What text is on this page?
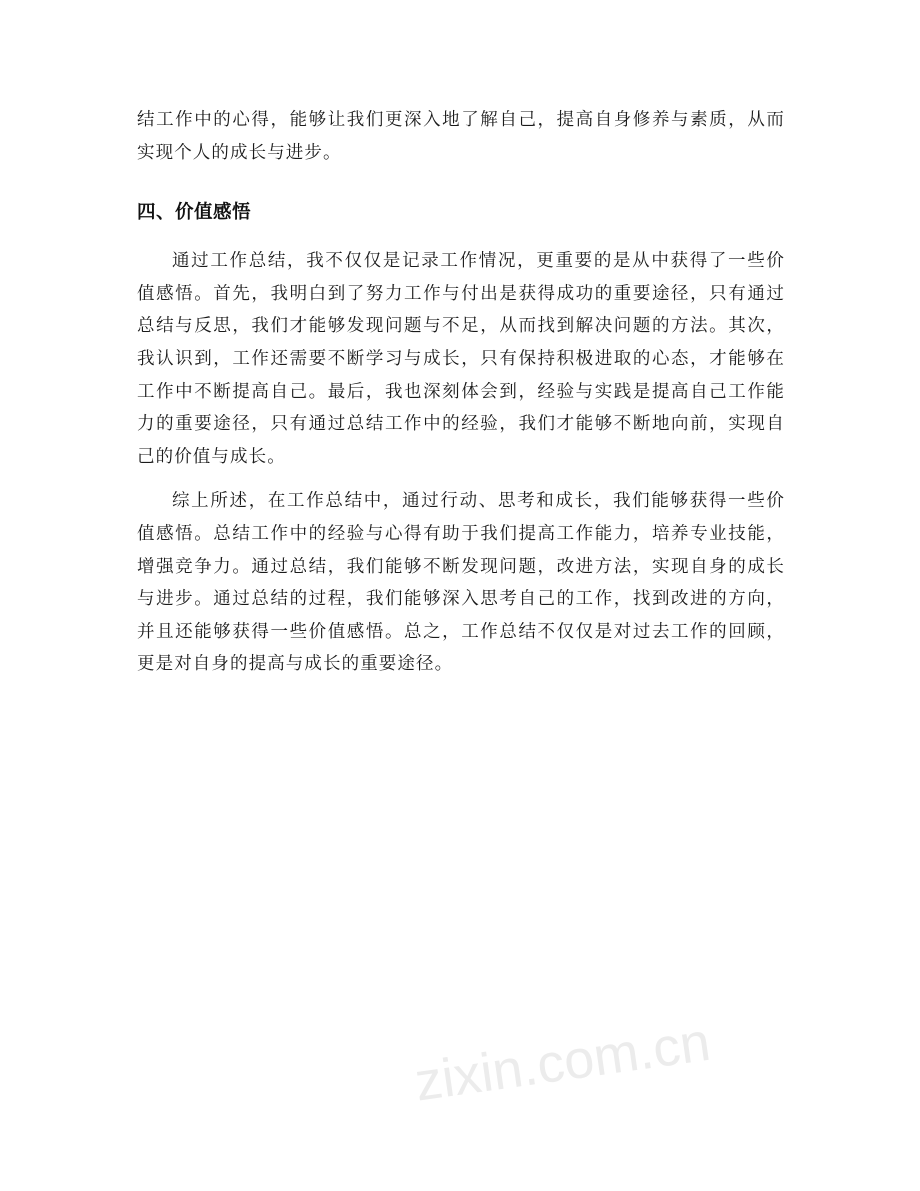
结工作中的心得，能够让我们更深入地了解自己，提高自身修养与素质，从而实现个人的成长与进步。

四、价值感悟

通过工作总结，我不仅仅是记录工作情况，更重要的是从中获得了一些价值感悟。首先，我明白到了努力工作与付出是获得成功的重要途径，只有通过总结与反思，我们才能够发现问题与不足，从而找到解决问题的方法。其次，我认识到，工作还需要不断学习与成长，只有保持积极进取的心态，才能够在工作中不断提高自己。最后，我也深刻体会到，经验与实践是提高自己工作能力的重要途径，只有通过总结工作中的经验，我们才能够不断地向前，实现自己的价值与成长。

综上所述，在工作总结中，通过行动、思考和成长，我们能够获得一些价值感悟。总结工作中的经验与心得有助于我们提高工作能力，培养专业技能，增强竞争力。通过总结，我们能够不断发现问题，改进方法，实现自身的成长与进步。通过总结的过程，我们能够深入思考自己的工作，找到改进的方向，并且还能够获得一些价值感悟。总之，工作总结不仅仅是对过去工作的回顾，更是对自身的提高与成长的重要途径。

zixin.com.cn
